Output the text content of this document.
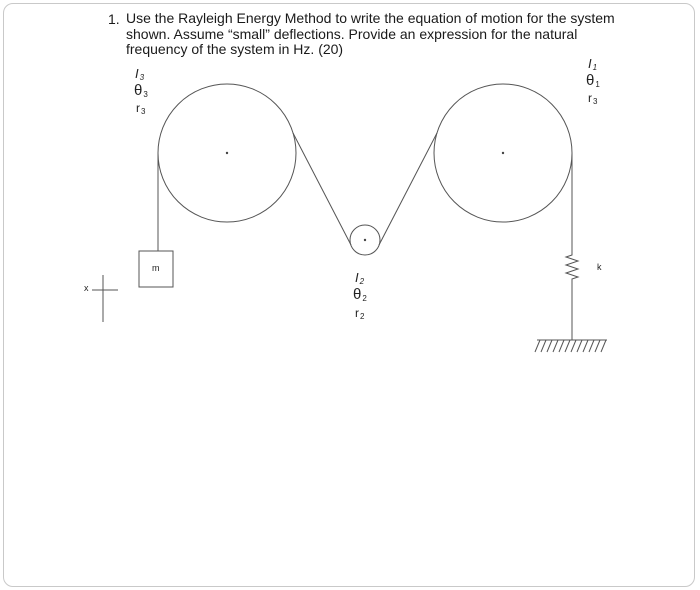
1. Use the Rayleigh Energy Method to write the equation of motion for the system
shown. Assume “small” deflections. Provide an expression for the natural
frequency of the system in Hz. (20)
$I_3$
$\theta_3$
$r_3$
$I_1$
$\theta_1$
$r_3$
$I_2$
$\theta_2$
$r_2$
m	k
x
